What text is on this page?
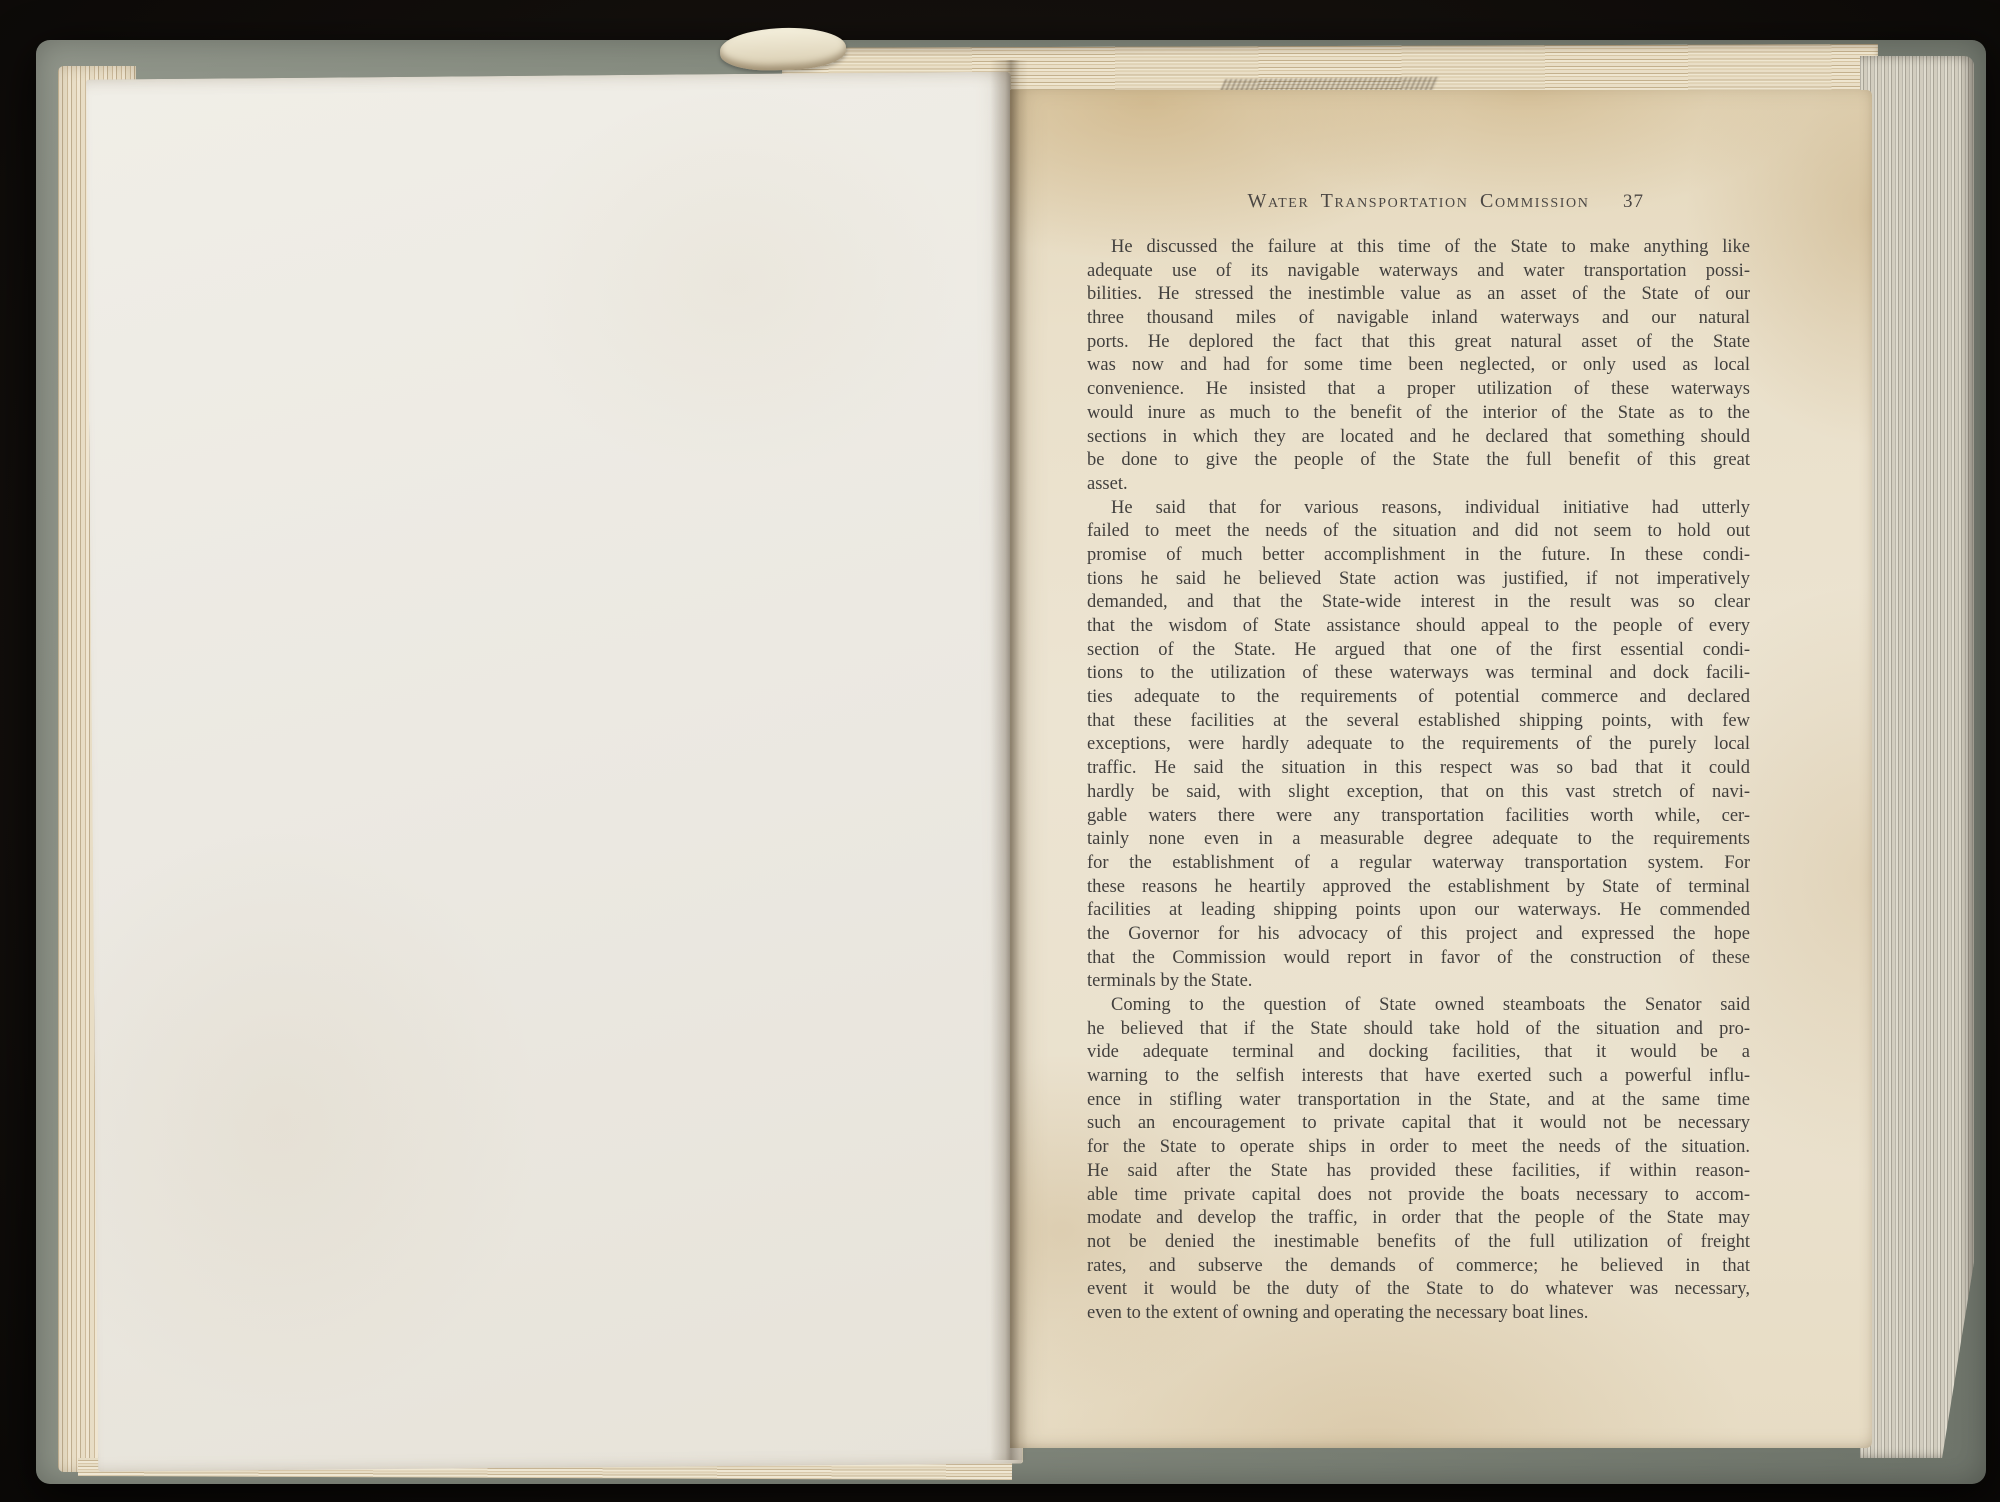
Water Transportation Commission 37
He discussed the failure at this time of the State to make anything like
adequate use of its navigable waterways and water transportation possi-
bilities. He stressed the inestimble value as an asset of the State of our
three thousand miles of navigable inland waterways and our natural
ports. He deplored the fact that this great natural asset of the State
was now and had for some time been neglected, or only used as local
convenience. He insisted that a proper utilization of these waterways
would inure as much to the benefit of the interior of the State as to the
sections in which they are located and he declared that something should
be done to give the people of the State the full benefit of this great
asset.
He said that for various reasons, individual initiative had utterly
failed to meet the needs of the situation and did not seem to hold out
promise of much better accomplishment in the future. In these condi-
tions he said he believed State action was justified, if not imperatively
demanded, and that the State-wide interest in the result was so clear
that the wisdom of State assistance should appeal to the people of every
section of the State. He argued that one of the first essential condi-
tions to the utilization of these waterways was terminal and dock facili-
ties adequate to the requirements of potential commerce and declared
that these facilities at the several established shipping points, with few
exceptions, were hardly adequate to the requirements of the purely local
traffic. He said the situation in this respect was so bad that it could
hardly be said, with slight exception, that on this vast stretch of navi-
gable waters there were any transportation facilities worth while, cer-
tainly none even in a measurable degree adequate to the requirements
for the establishment of a regular waterway transportation system. For
these reasons he heartily approved the establishment by State of terminal
facilities at leading shipping points upon our waterways. He commended
the Governor for his advocacy of this project and expressed the hope
that the Commission would report in favor of the construction of these
terminals by the State.
Coming to the question of State owned steamboats the Senator said
he believed that if the State should take hold of the situation and pro-
vide adequate terminal and docking facilities, that it would be a
warning to the selfish interests that have exerted such a powerful influ-
ence in stifling water transportation in the State, and at the same time
such an encouragement to private capital that it would not be necessary
for the State to operate ships in order to meet the needs of the situation.
He said after the State has provided these facilities, if within reason-
able time private capital does not provide the boats necessary to accom-
modate and develop the traffic, in order that the people of the State may
not be denied the inestimable benefits of the full utilization of freight
rates, and subserve the demands of commerce; he believed in that
event it would be the duty of the State to do whatever was necessary,
even to the extent of owning and operating the necessary boat lines.
